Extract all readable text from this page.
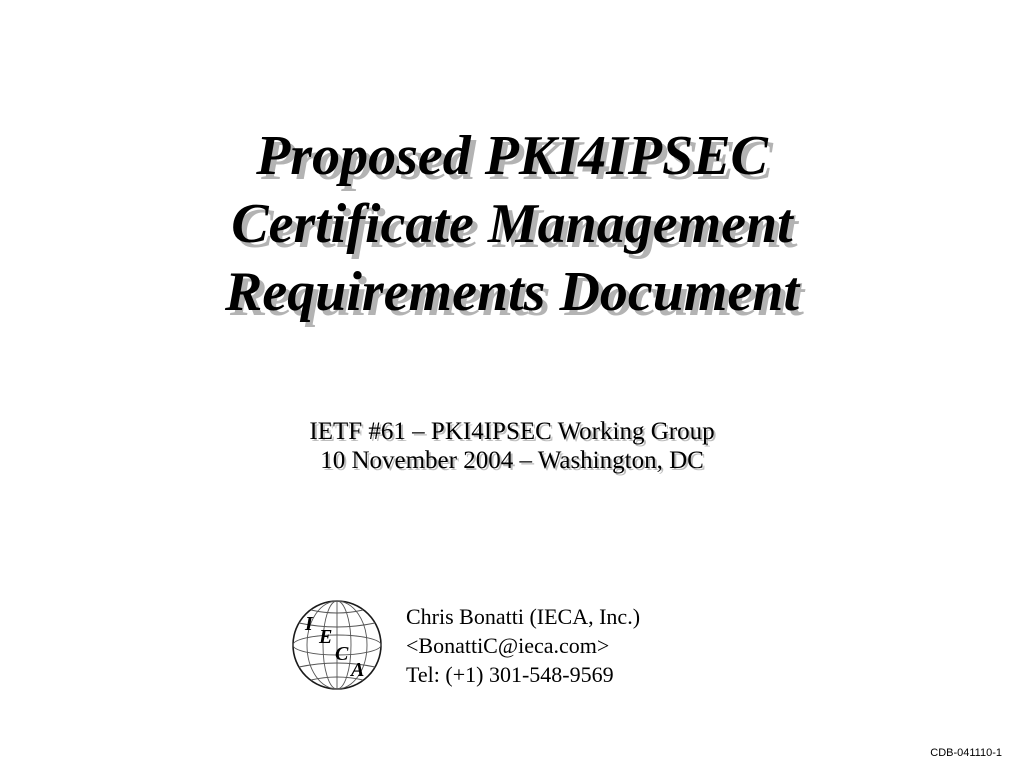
Proposed PKI4IPSEC
Certificate Management
Requirements Document
IETF #61 – PKI4IPSEC Working Group
10 November 2004 – Washington, DC
I
E
C
A
Chris Bonatti (IECA, Inc.)
<BonattiC@ieca.com>
Tel: (+1) 301-548-9569
CDB-041110-1
